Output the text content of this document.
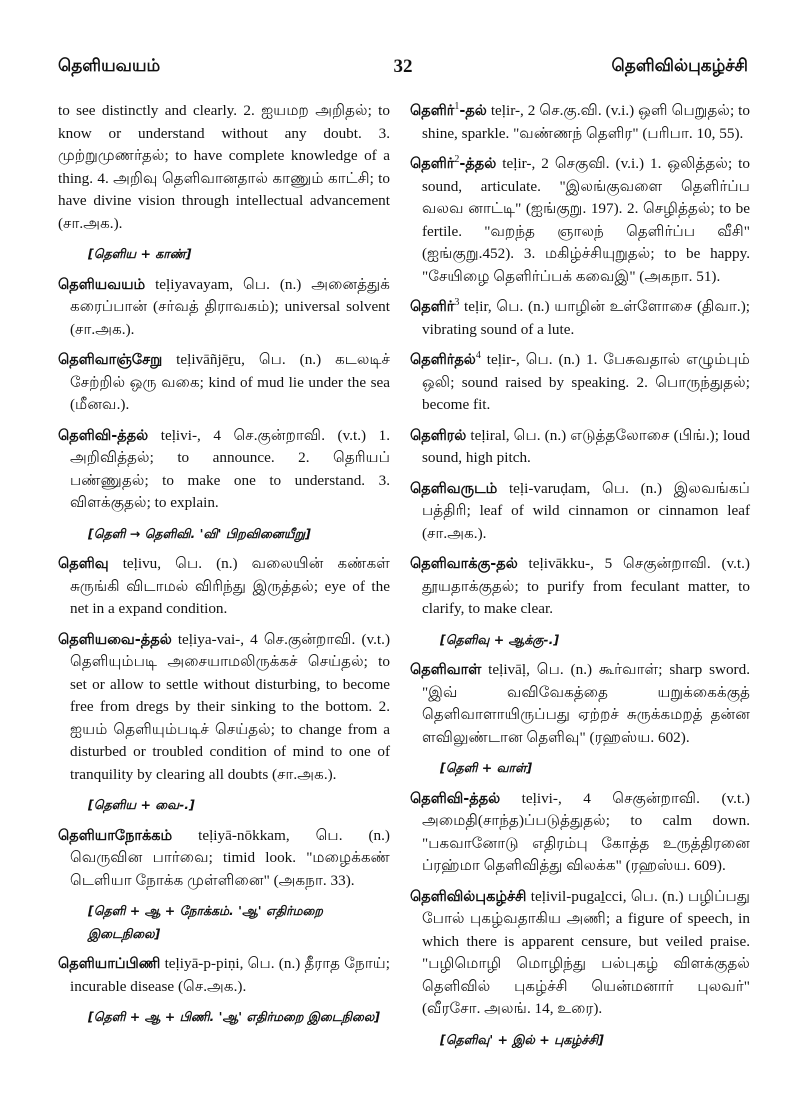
தெளியவயம்	32	தெளிவில்புகழ்ச்சி

to see distinctly and clearly. 2. ஐயமற அறிதல்; to know or understand without any doubt. 3. முற்றுமுணர்தல்; to have complete knowledge of a thing. 4. அறிவு தெளிவானதால் காணும் காட்சி; to have divine vision through intellectual advancement (சா.அக.).

[தெளிய + காண்]

தெளியவயம் teḷiyavayam, பெ. (n.) அனைத்துக் கரைப்பான் (சர்வத் திராவகம்); universal solvent (சா.அக.).

தெளிவாஞ்சேறு teḷivāñjēṟu, பெ. (n.) கடலடிச் சேற்றில் ஒரு வகை; kind of mud lie under the sea (மீனவ.).

தெளிவி-த்தல் teḷivi-, 4 செ.குன்றாவி. (v.t.) 1. அறிவித்தல்; to announce. 2. தெரியப் பண்ணுதல்; to make one to understand. 3. விளக்குதல்; to explain.

[தெளி → தெளிவி. 'வி' பிறவினையீறு]

தெளிவு teḷivu, பெ. (n.) வலையின் கண்கள் சுருங்கி விடாமல் விரிந்து இருத்தல்; eye of the net in a expand condition.

தெளியவை-த்தல் teḷiya-vai-, 4 செ.குன்றாவி. (v.t.) தெளியும்படி அசையாமலிருக்கச் செய்தல்; to set or allow to settle without disturbing, to become free from dregs by their sinking to the bottom. 2. ஐயம் தெளியும்படிச் செய்தல்; to change from a disturbed or troubled condition of mind to one of tranquility by clearing all doubts (சா.அக.).

[தெளிய + வை-.]

தெளியாநோக்கம் teḷiyā-nōkkam, பெ. (n.) வெருவின பார்வை; timid look. "மழைக்கண் டெளியா நோக்க முள்ளினை" (அகநா. 33).

[தெளி + ஆ + நோக்கம். 'ஆ' எதிர்மறை இடைநிலை]

தெளியாப்பிணி teḷiyā-p-piṇi, பெ. (n.) தீராத நோய்; incurable disease (செ.அக.).

[தெளி + ஆ + பிணி. 'ஆ' எதிர்மறை இடைநிலை]

தெளிர்$^1$-தல் teḷir-, 2 செ.கு.வி. (v.i.) ஒளி பெறுதல்; to shine, sparkle. "வண்ணந் தெளிர" (பரிபா. 10, 55).

தெளிர்$^2$-த்தல் teḷir-, 2 செகுவி. (v.i.) 1. ஒலித்தல்; to sound, articulate. "இலங்குவளை தெளிர்ப்ப வலவ னாட்டி" (ஐங்குறு. 197). 2. செழித்தல்; to be fertile. "வறந்த ஞாலந் தெளிர்ப்ப வீசி" (ஐங்குறு.452). 3. மகிழ்ச்சியுறுதல்; to be happy. "சேயிழை தெளிர்ப்பக் கவைஇ" (அகநா. 51).

தெளிர்$^3$ teḷir, பெ. (n.) யாழின் உள்ளோசை (திவா.); vibrating sound of a lute.

தெளிர்தல்$^4$ teḷir-, பெ. (n.) 1. பேசுவதால் எழும்பும் ஒலி; sound raised by speaking. 2. பொருந்துதல்; become fit.

தெளிரல் teḷiral, பெ. (n.) எடுத்தலோசை (பிங்.); loud sound, high pitch.

தெளிவருடம் teḷi-varuḍam, பெ. (n.) இலவங்கப் பத்திரி; leaf of wild cinnamon or cinnamon leaf (சா.அக.).

தெளிவாக்கு-தல் teḷivākku-, 5 செகுன்றாவி. (v.t.) தூயதாக்குதல்; to purify from feculant matter, to clarify, to make clear.

[தெளிவு + ஆக்கு-.]

தெளிவாள் teḷivāḷ, பெ. (n.) கூர்வாள்; sharp sword. "இவ் வவிவேகத்தை யறுக்கைக்குத் தெளிவாளாயிருப்பது ஏற்றச் சுருக்கமறத் தன்ன ளவிலுண்டான தெளிவு" (ரஹஸ்ய. 602).

[தெளி + வாள்]

தெளிவி-த்தல் teḷivi-, 4 செகுன்றாவி. (v.t.) அமைதி(சாந்த)ப்படுத்துதல்; to calm down. "பகவானோடு எதிரம்பு கோத்த உருத்திரனை ப்ரஹ்மா தெளிவித்து விலக்க" (ரஹஸ்ய. 609).

தெளிவில்புகழ்ச்சி teḷivil-pugaḻcci, பெ. (n.) பழிப்பது போல் புகழ்வதாகிய அணி; a figure of speech, in which there is apparent censure, but veiled praise. "பழிமொழி மொழிந்து பல்புகழ் விளக்குதல் தெளிவில் புகழ்ச்சி யென்மனார் புலவர்" (வீரசோ. அலங். 14, உரை).

[தெளிவு' + இல் + புகழ்ச்சி]
